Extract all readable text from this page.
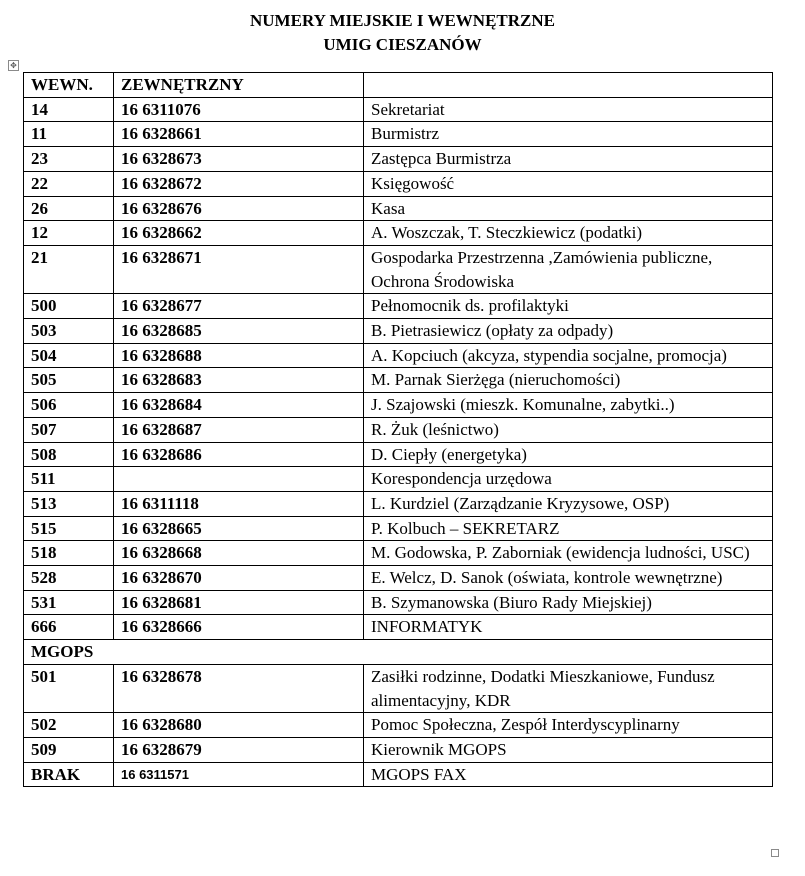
NUMERY MIEJSKIE I WEWNĘTRZNE
UMIG CIESZANÓW
✥
WEWN.	ZEWNĘTRZNY	
14	16 6311076	Sekretariat
11	16 6328661	Burmistrz
23	16 6328673	Zastępca Burmistrza
22	16 6328672	Księgowość
26	16 6328676	Kasa
12	16 6328662	A. Woszczak, T. Steczkiewicz (podatki)
21	16 6328671	Gospodarka Przestrzenna ,Zamówienia publiczne, Ochrona Środowiska
500	16 6328677	Pełnomocnik ds. profilaktyki
503	16 6328685	B. Pietrasiewicz (opłaty za odpady)
504	16 6328688	A. Kopciuch (akcyza, stypendia socjalne, promocja)
505	16 6328683	M. Parnak Sierżęga (nieruchomości)
506	16 6328684	J. Szajowski (mieszk. Komunalne, zabytki..)
507	16 6328687	R. Żuk (leśnictwo)
508	16 6328686	D. Ciepły (energetyka)
511		Korespondencja urzędowa
513	16 6311118	L. Kurdziel (Zarządzanie Kryzysowe, OSP)
515	16 6328665	P. Kolbuch – SEKRETARZ
518	16 6328668	M. Godowska, P. Zaborniak (ewidencja ludności, USC)
528	16 6328670	E. Welcz, D. Sanok (oświata, kontrole wewnętrzne)
531	16 6328681	B. Szymanowska (Biuro Rady Miejskiej)
666	16 6328666	INFORMATYK
MGOPS		
501	16 6328678	Zasiłki rodzinne, Dodatki Mieszkaniowe, Fundusz alimentacyjny, KDR
502	16 6328680	Pomoc Społeczna, Zespół Interdyscyplinarny
509	16 6328679	Kierownik MGOPS
BRAK	16 6311571	MGOPS FAX
